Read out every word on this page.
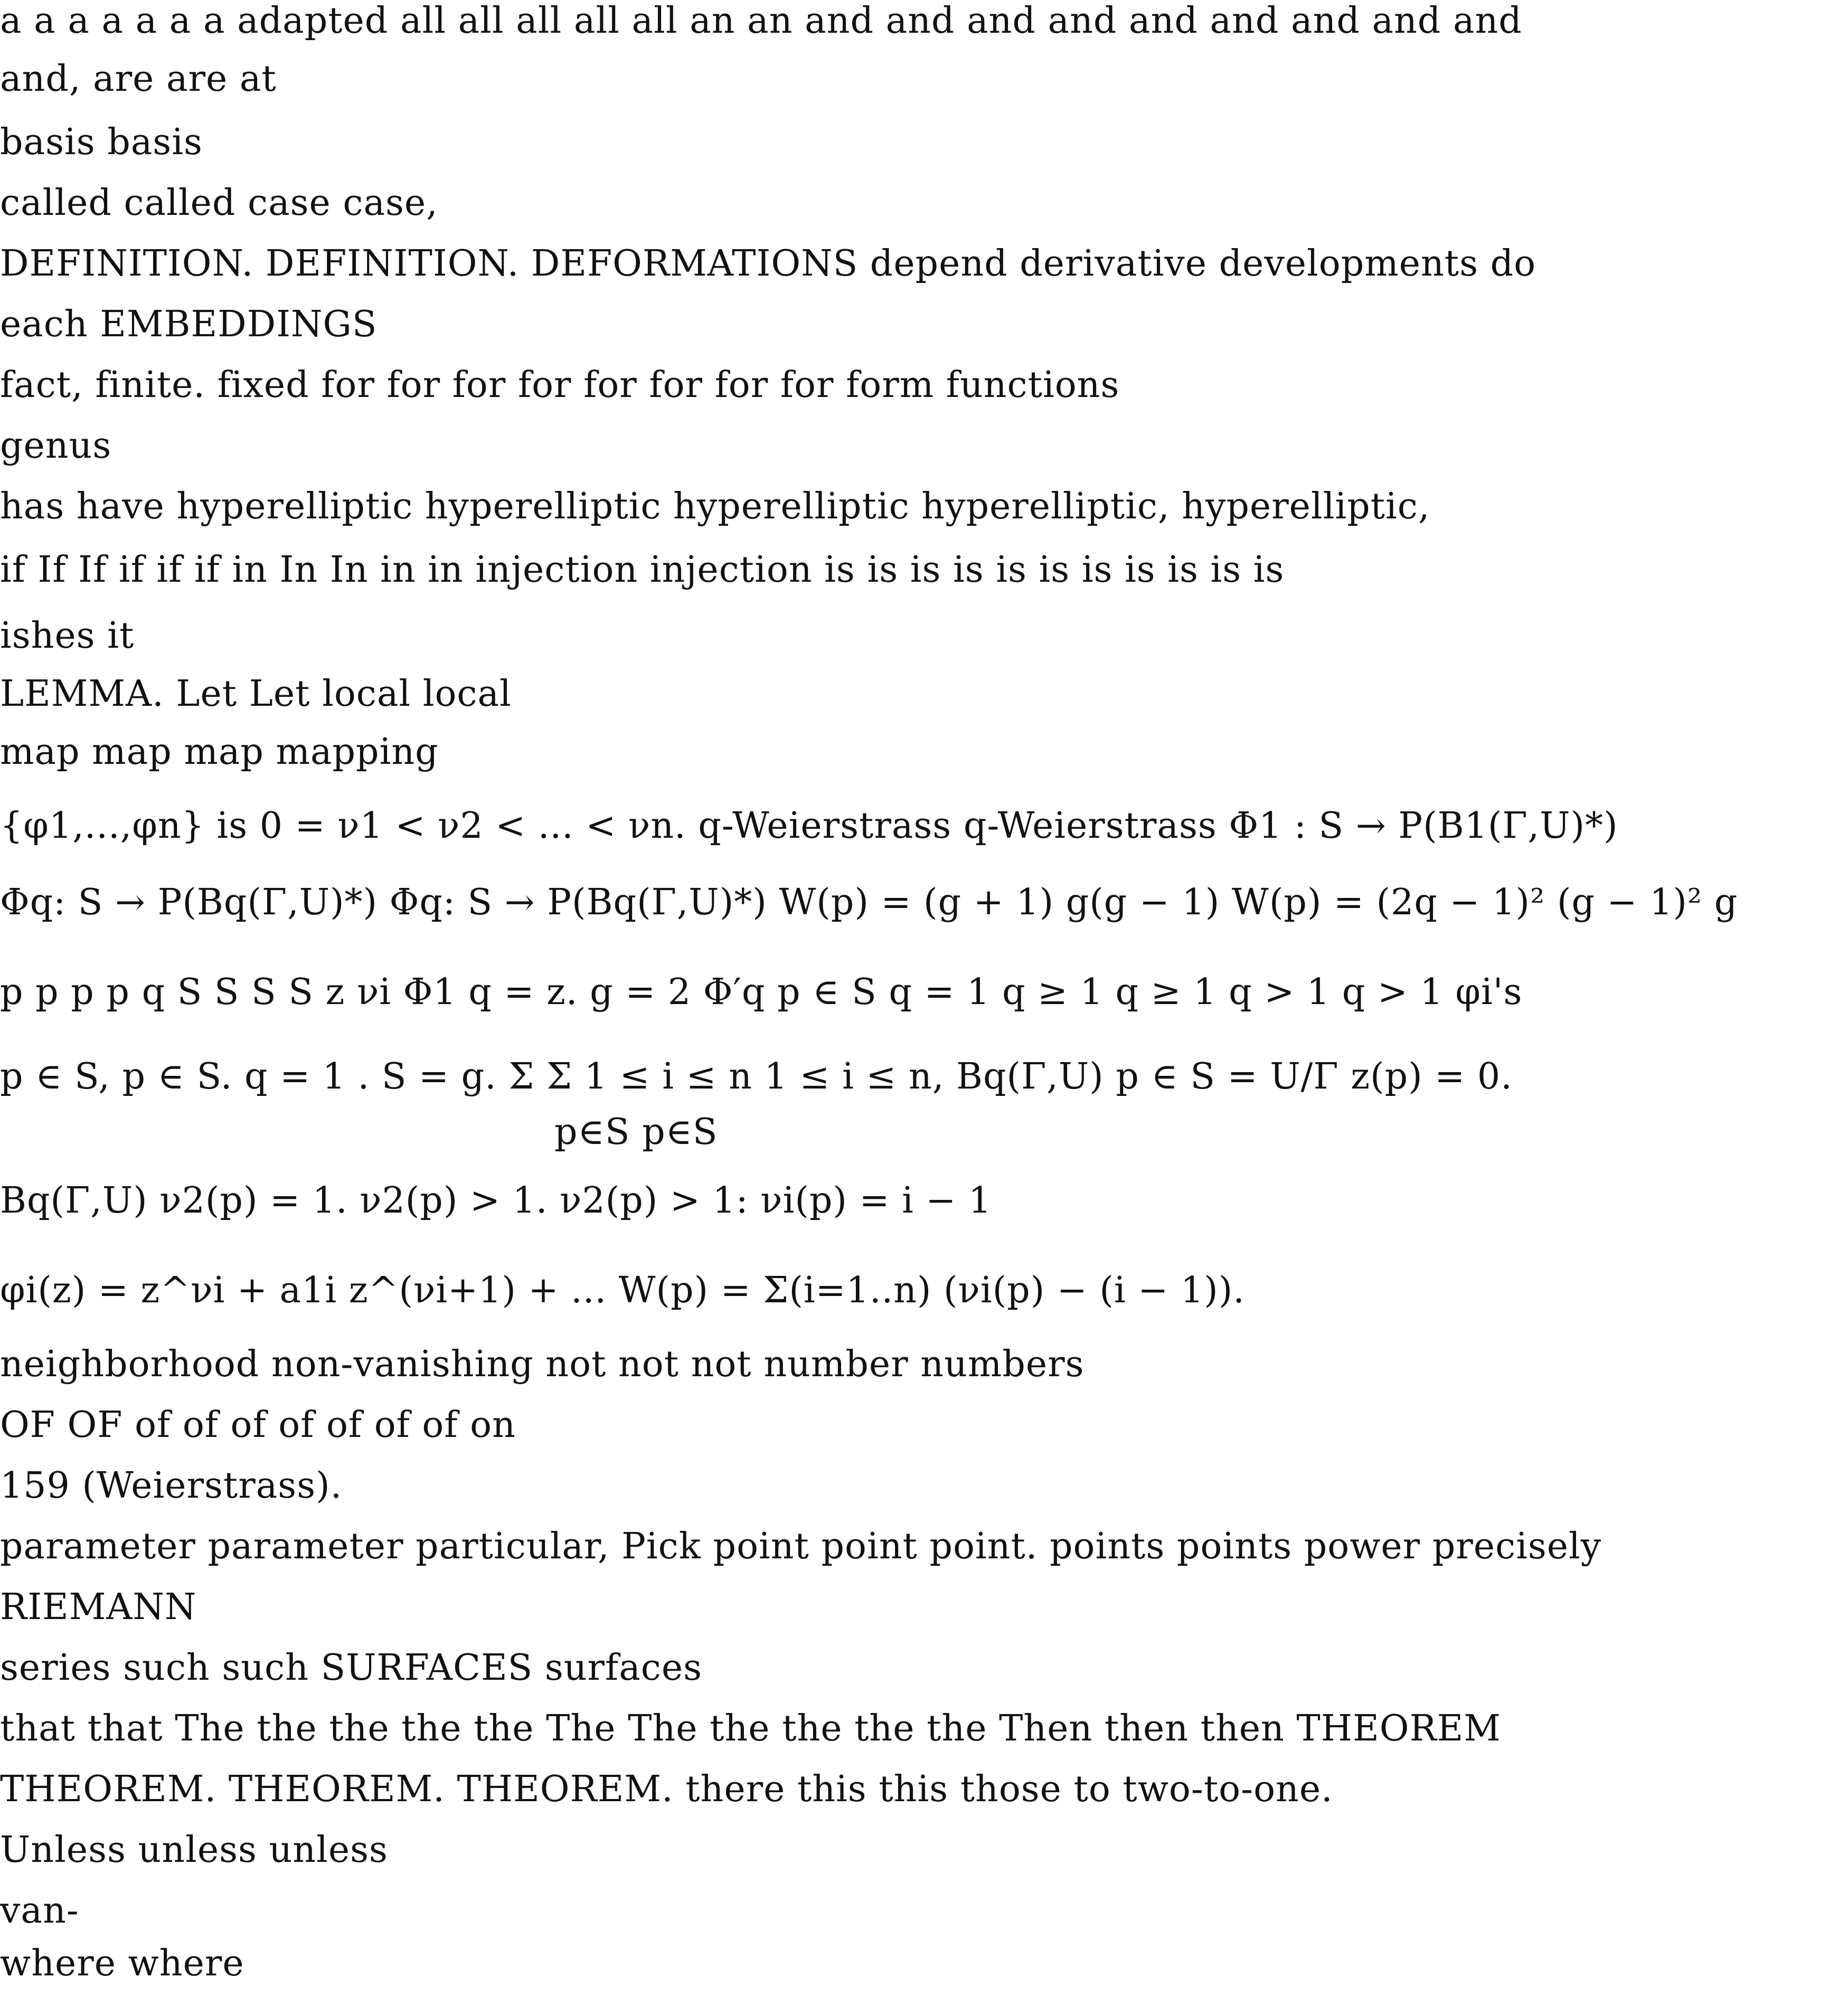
a a a a a a a adapted all all all all all an an and and and and and and and and and
and, are are at
basis basis
called called case case,
DEFINITION. DEFINITION. DEFORMATIONS depend derivative developments do
each EMBEDDINGS
fact, finite. fixed for for for for for for for for form functions
genus
has have hyperelliptic hyperelliptic hyperelliptic hyperelliptic, hyperelliptic,
if If If if if if in In In in in injection injection is is is is is is is is is is is
ishes it
LEMMA. Let Let local local
map map map mapping
{φ1,...,φn} is 0 = ν1 < ν2 < ... < νn. q-Weierstrass q-Weierstrass Φ1 : S → P(B1(Γ,U)*)
Φq: S → P(Bq(Γ,U)*) Φq: S → P(Bq(Γ,U)*) W(p) = (g + 1) g(g − 1) W(p) = (2q − 1)² (g − 1)² g
p p p p q S S S S z νi Φ1 q = z. g = 2 Φ′q p ∈ S q = 1 q ≥ 1 q ≥ 1 q > 1 q > 1 φi's
p ∈ S, p ∈ S. q = 1 . S = g. Σ Σ 1 ≤ i ≤ n 1 ≤ i ≤ n, Bq(Γ,U) p ∈ S = U/Γ z(p) = 0.
p∈S p∈S
Bq(Γ,U) ν2(p) = 1. ν2(p) > 1. ν2(p) > 1: νi(p) = i − 1
φi(z) = z^νi + a1i z^(νi+1) + ... W(p) = Σ(i=1..n) (νi(p) − (i − 1)).
neighborhood non-vanishing not not not number numbers
OF OF of of of of of of of on
159 (Weierstrass).
parameter parameter particular, Pick point point point. points points power precisely
RIEMANN
series such such SURFACES surfaces
that that The the the the the The The the the the the Then then then THEOREM
THEOREM. THEOREM. THEOREM. there this this those to two-to-one.
Unless unless unless
van-
where where
